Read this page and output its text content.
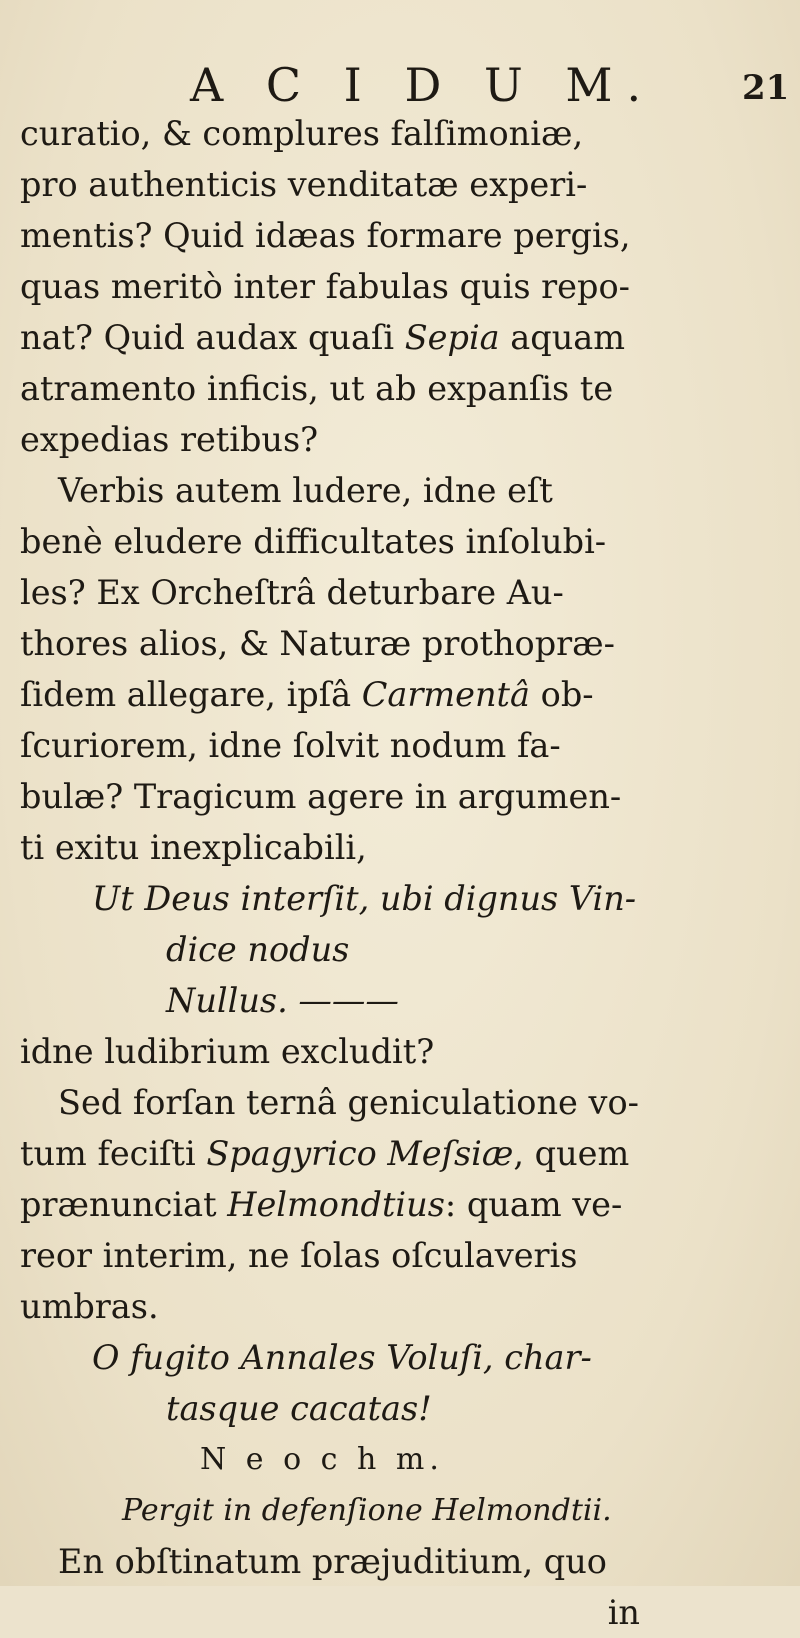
A C I D U M.	21
curatio, & complures falſimoniæ,
pro authenticis venditatæ experi-
mentis? Quid idæas formare pergis,
quas meritò inter fabulas quis repo-
nat? Quid audax quaſi Sepia aquam
atramento inficis, ut ab expanſis te
expedias retibus?
Verbis autem ludere, idne eſt
benè eludere difficultates inſolubi-
les? Ex Orcheſtrâ deturbare Au-
thores alios, & Naturæ prothopræ-
ſidem allegare, ipſâ Carmentâ ob-
ſcuriorem, idne ſolvit nodum fa-
bulæ? Tragicum agere in argumen-
ti exitu inexplicabili,
Ut Deus interſit, ubi dignus Vin-
dice nodus
Nullus. ———
idne ludibrium excludit?
Sed forſan ternâ geniculatione vo-
tum feciſti Spagyrico Meſsiæ, quem
prænunciat Helmondtius: quam ve-
reor interim, ne ſolas oſculaveris
umbras.
O fugito Annales Voluſi, char-
tasque cacatas!
N e o c h m.
Pergit in defenſione Helmondtii.
En obſtinatum præjuditium, quo
in
